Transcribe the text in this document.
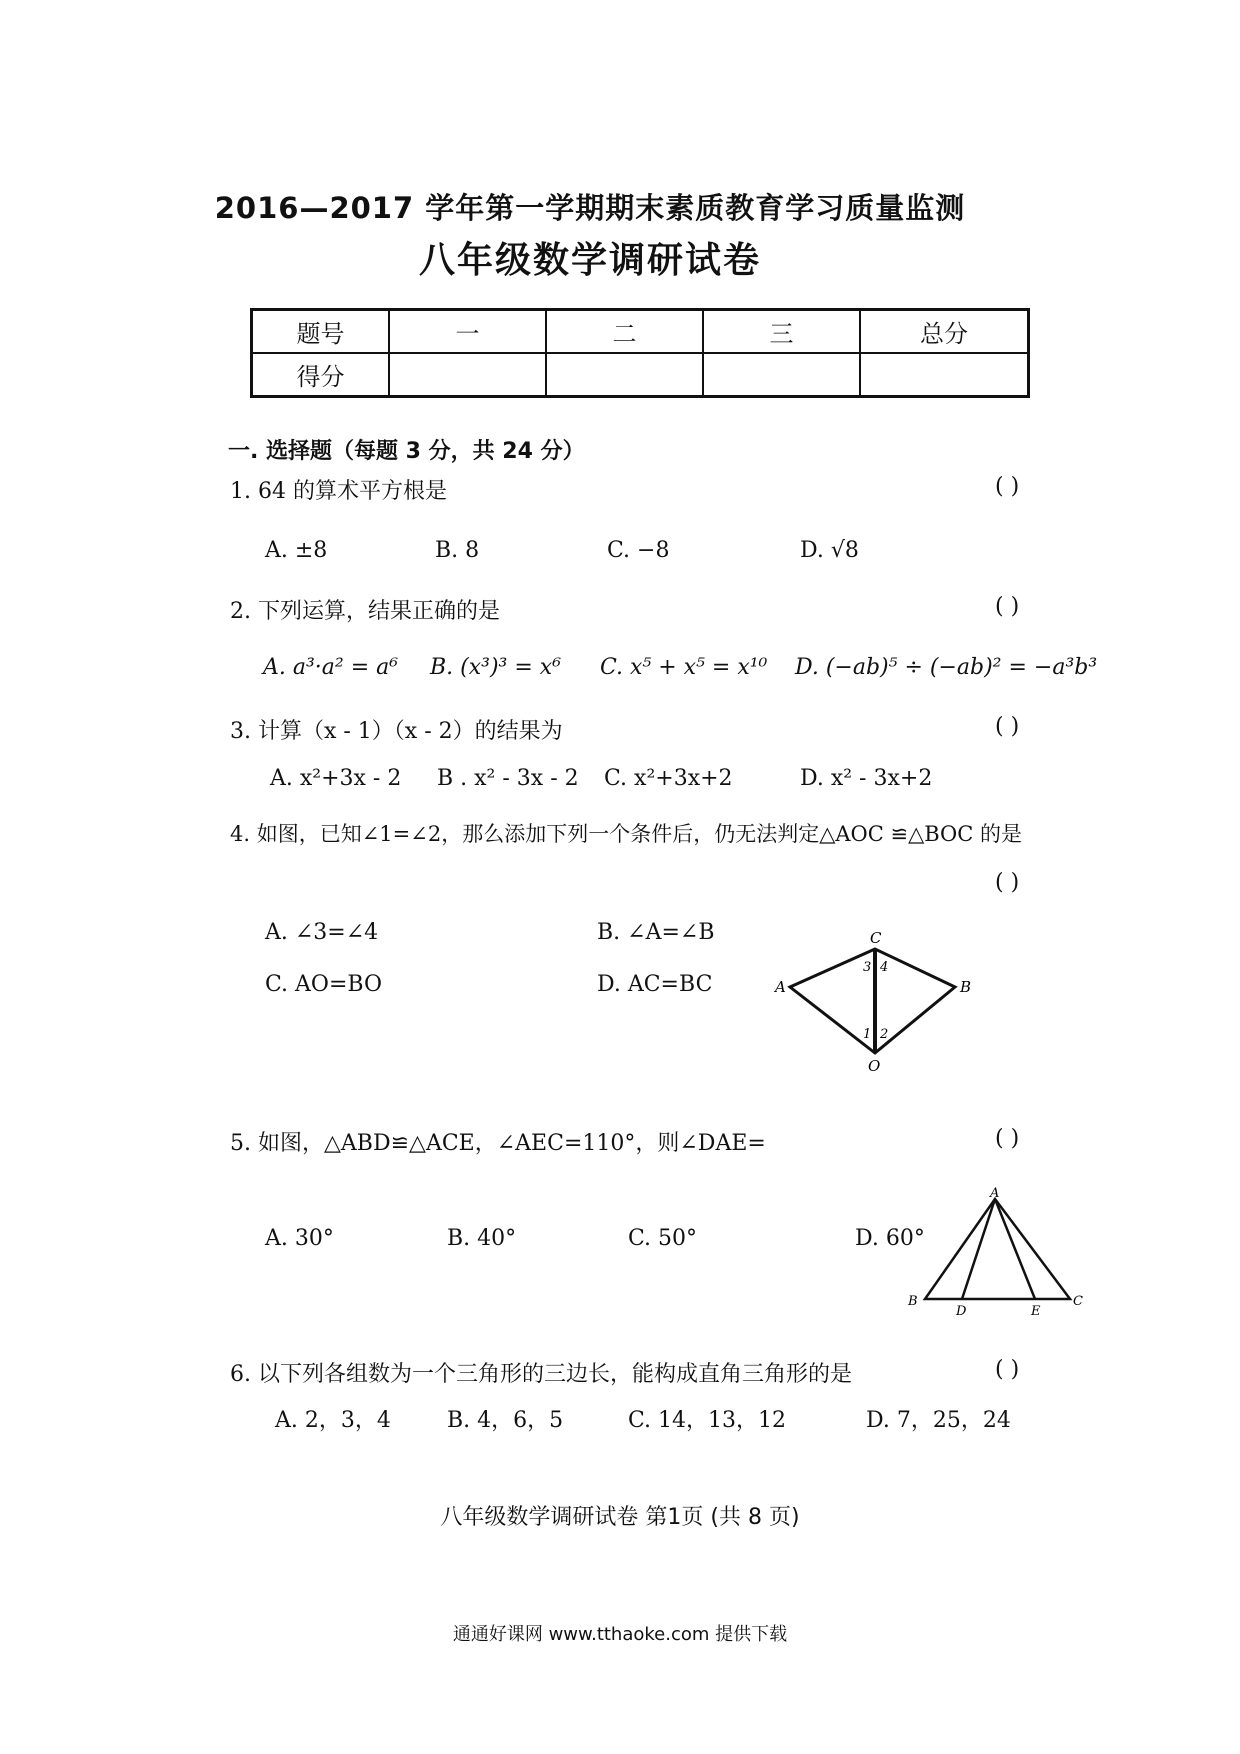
2016—2017 学年第一学期期末素质教育学习质量监测
八年级数学调研试卷
题号	一	二	三	总分
得分				
一. 选择题（每题 3 分，共 24 分）
1. 64 的算术平方根是	( )
A. ±8	B. 8	C. −8	D. √8
2. 下列运算，结果正确的是	( )
A. a³·a² = a⁶ B. (x³)³ = x⁶ C. x⁵ + x⁵ = x¹⁰ D. (−ab)⁵ ÷ (−ab)² = −a³b³
3. 计算（x - 1）（x - 2）的结果为	( )
A. x²+3x - 2 B . x² - 3x - 2 C. x²+3x+2	D. x² - 3x+2
4. 如图，已知∠1=∠2，那么添加下列一个条件后，仍无法判定△AOC ≌△BOC 的是
( )
A. ∠3=∠4	B. ∠A=∠B
C. AO=BO	D. AC=BC
C
A	B
O
3 4
1 2
5. 如图，△ABD≌△ACE，∠AEC=110°，则∠DAE=	( )
A. 30°	B. 40°	C. 50°	D. 60°
A
B	C
D	E
6. 以下列各组数为一个三角形的三边长，能构成直角三角形的是	( )
A. 2，3，4	B. 4，6，5	C. 14，13，12	D. 7，25，24
八年级数学调研试卷 第1页 (共 8 页)
通通好课网 www.tthaoke.com 提供下载
